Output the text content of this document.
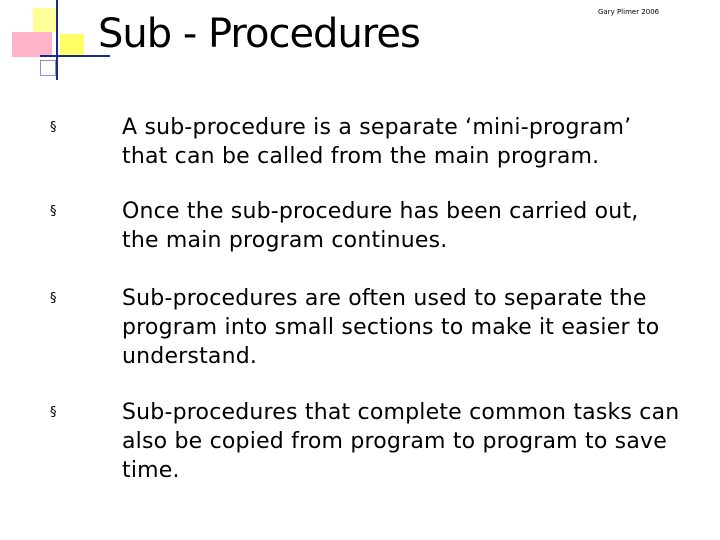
Sub - Procedures	Gary Plimer 2006
§	A sub-procedure is a separate ‘mini-program’ that can be called from the main program.
§	Once the sub-procedure has been carried out, the main program continues.
§	Sub-procedures are often used to separate the program into small sections to make it easier to understand.
§	Sub-procedures that complete common tasks can also be copied from program to program to save time.
